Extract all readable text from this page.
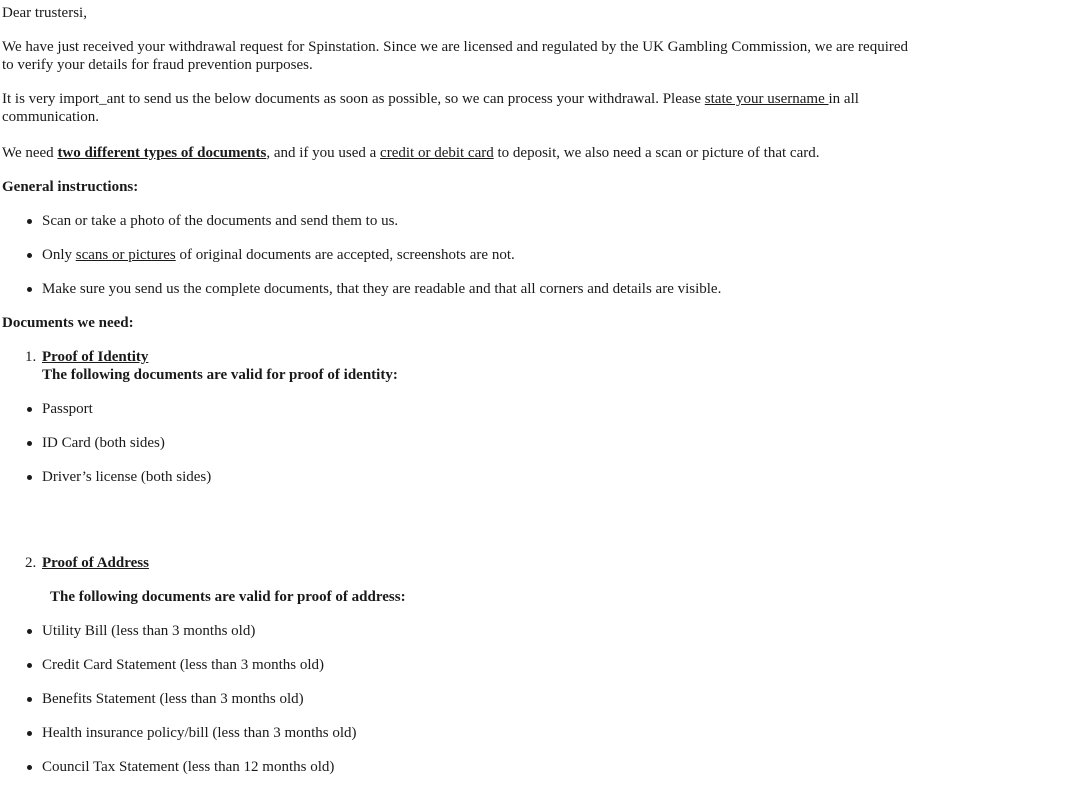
Dear trustersi,
We have just received your withdrawal request for Spinstation. Since we are licensed and regulated by the UK Gambling Commission, we are required to verify your details for fraud prevention purposes.
It is very import_ant to send us the below documents as soon as possible, so we can process your withdrawal. Please state your username in all communication.
We need two different types of documents, and if you used a credit or debit card to deposit, we also need a scan or picture of that card.
General instructions:
Scan or take a photo of the documents and send them to us.
Only scans or pictures of original documents are accepted, screenshots are not.
Make sure you send us the complete documents, that they are readable and that all corners and details are visible.
Documents we need:
1. Proof of Identity
The following documents are valid for proof of identity:
Passport
ID Card (both sides)
Driver’s license (both sides)
2. Proof of Address
The following documents are valid for proof of address:
Utility Bill (less than 3 months old)
Credit Card Statement (less than 3 months old)
Benefits Statement (less than 3 months old)
Health insurance policy/bill (less than 3 months old)
Council Tax Statement (less than 12 months old)
